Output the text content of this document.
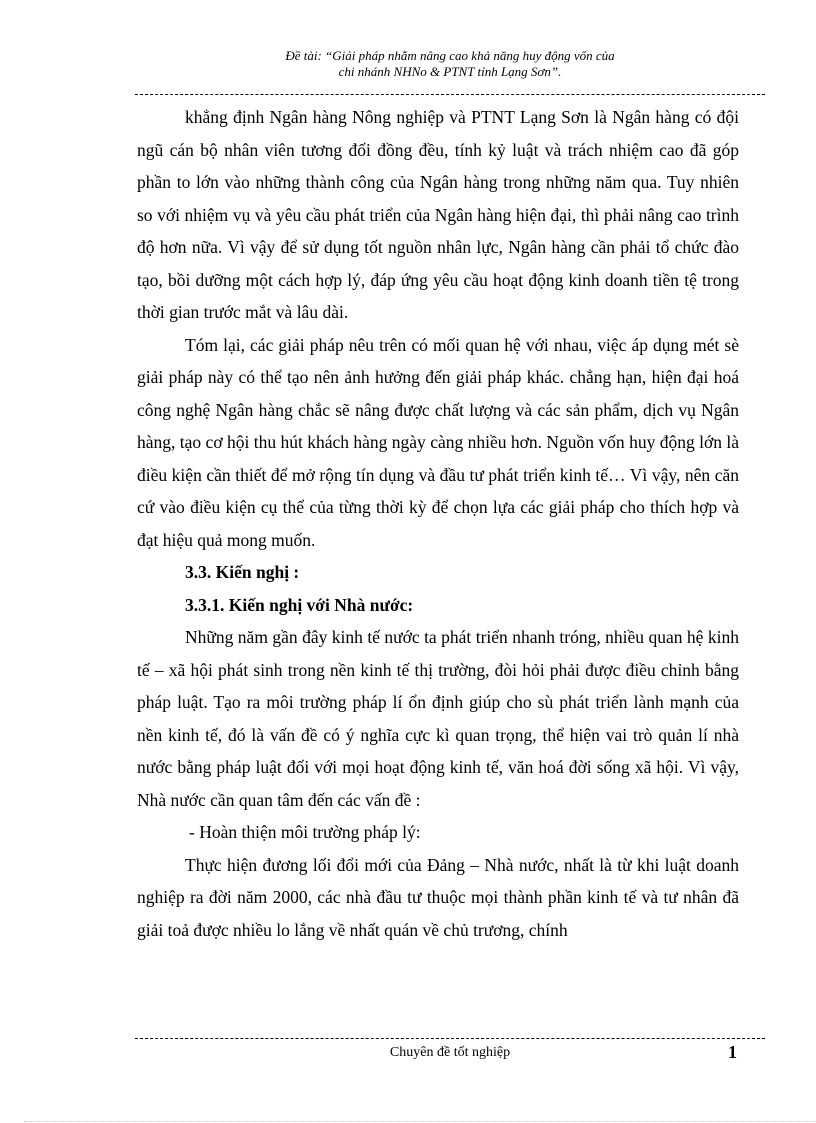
Đề tài: “Giải pháp nhằm nâng cao khả năng huy động vốn của
chi nhánh NHNo & PTNT tỉnh Lạng Sơn”.

khẳng định Ngân hàng Nông nghiệp và PTNT Lạng Sơn là Ngân hàng có đội ngũ cán bộ nhân viên tương đối đồng đều, tính kỷ luật và trách nhiệm cao đã góp phần to lớn vào những thành công của Ngân hàng trong những năm qua. Tuy nhiên so với nhiệm vụ và yêu cầu phát triển của Ngân hàng hiện đại, thì phải nâng cao trình độ hơn nữa. Vì vậy để sử dụng tốt nguồn nhân lực, Ngân hàng cần phải tổ chức đào tạo, bồi dưỡng một cách hợp lý, đáp ứng yêu cầu hoạt động kinh doanh tiền tệ trong thời gian trước mắt và lâu dài.

Tóm lại, các giải pháp nêu trên có mối quan hệ với nhau, việc áp dụng mét sè giải pháp này có thể tạo nên ảnh hưởng đến giải pháp khác. chẳng hạn, hiện đại hoá công nghệ Ngân hàng chắc sẽ nâng được chất lượng và các sản phẩm, dịch vụ Ngân hàng, tạo cơ hội thu hút khách hàng ngày càng nhiều hơn. Nguồn vốn huy động lớn là điều kiện cần thiết để mở rộng tín dụng và đầu tư phát triển kinh tế… Vì vậy, nên căn cứ vào điều kiện cụ thể của từng thời kỳ để chọn lựa các giải pháp cho thích hợp và đạt hiệu quả mong muốn.

3.3. Kiến nghị :

3.3.1. Kiến nghị với Nhà nước:

Những năm gần đây kinh tế nước ta phát triển nhanh tróng, nhiều quan hệ kinh tế – xã hội phát sinh trong nền kinh tế thị trường, đòi hỏi phải được điều chỉnh bằng pháp luật. Tạo ra môi trường pháp lí ổn định giúp cho sù phát triển lành mạnh của nền kinh tế, đó là vấn đề có ý nghĩa cực kì quan trọng, thể hiện vai trò quản lí nhà nước bằng pháp luật đối với mọi hoạt động kinh tế, văn hoá đời sống xã hội. Vì vậy, Nhà nước cần quan tâm đến các vấn đề :

- Hoàn thiện môi trường pháp lý:

Thực hiện đương lối đổi mới của Đảng – Nhà nước, nhất là từ khi luật doanh nghiệp ra đời năm 2000, các nhà đầu tư thuộc mọi thành phần kinh tế và tư nhân đã giải toả được nhiều lo lắng về nhất quán về chủ trương, chính

Chuyên đề tốt nghiệp	1
